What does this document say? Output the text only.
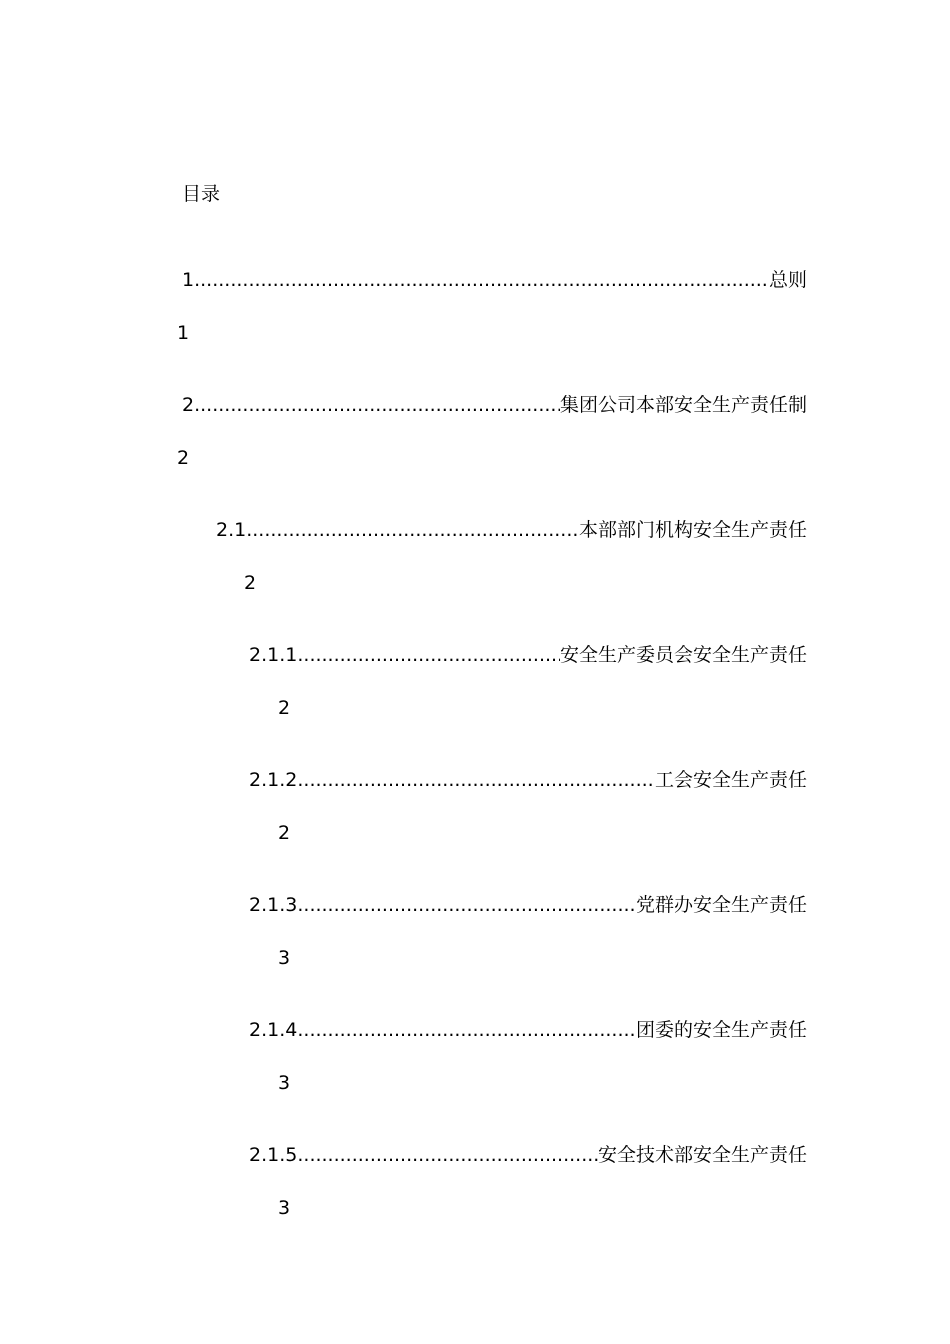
目录
1 .....	总则
1
2 .....	集团公司本部安全生产责任制
2
2.1 .....	本部部门机构安全生产责任
2
2.1.1 .....	安全生产委员会安全生产责任
2
2.1.2 .....	工会安全生产责任
2
2.1.3 .....	党群办安全生产责任
3
2.1.4 .....	团委的安全生产责任
3
2.1.5 .....	安全技术部安全生产责任
3
